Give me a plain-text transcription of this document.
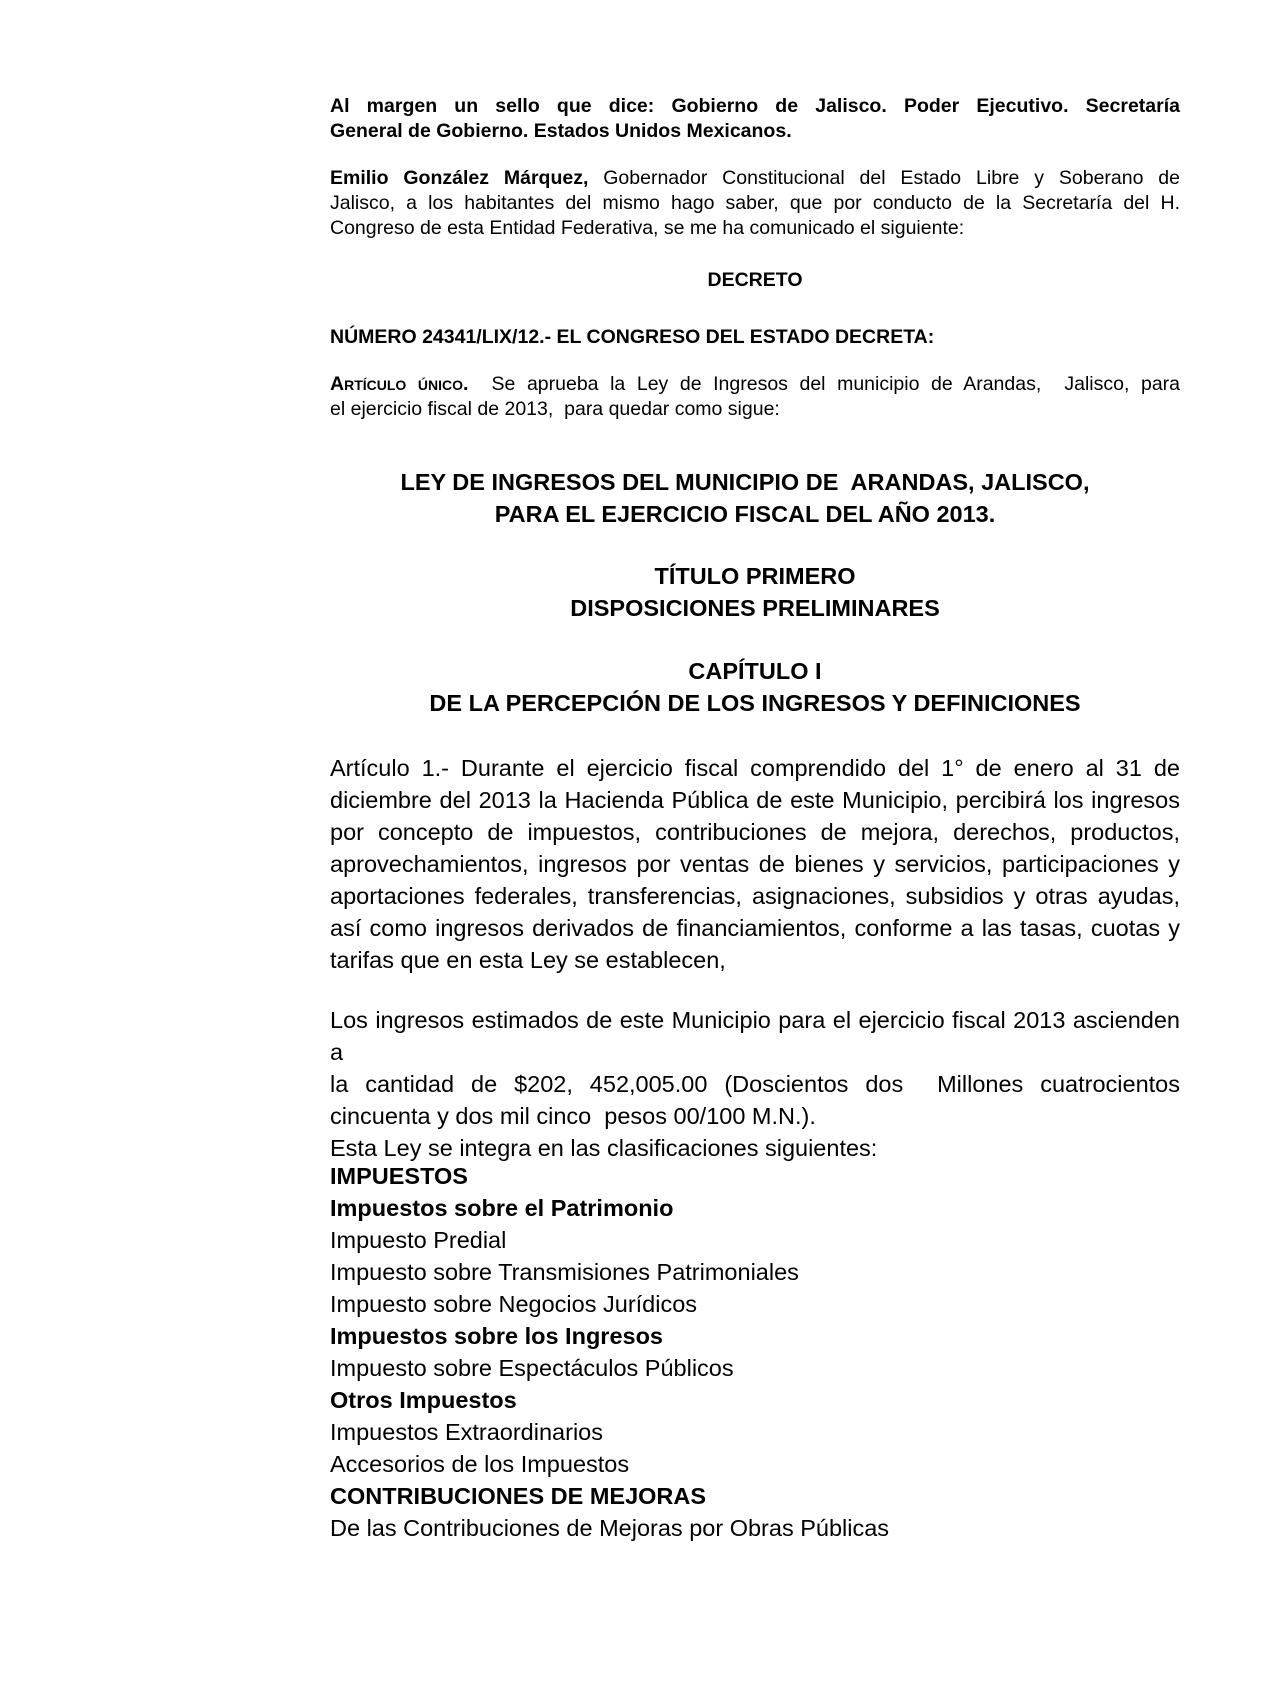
Al margen un sello que dice: Gobierno de Jalisco. Poder Ejecutivo. Secretaría
General de Gobierno. Estados Unidos Mexicanos.
Emilio González Márquez, Gobernador Constitucional del Estado Libre y Soberano de
Jalisco, a los habitantes del mismo hago saber, que por conducto de la Secretaría del H.
Congreso de esta Entidad Federativa, se me ha comunicado el siguiente:
DECRETO
NÚMERO 24341/LIX/12.- EL CONGRESO DEL ESTADO DECRETA:
Artículo único.  Se aprueba la Ley de Ingresos del municipio de Arandas,  Jalisco, para
el ejercicio fiscal de 2013,  para quedar como sigue:
LEY DE INGRESOS DEL MUNICIPIO DE  ARANDAS, JALISCO,
PARA EL EJERCICIO FISCAL DEL AÑO 2013.
TÍTULO PRIMERO
DISPOSICIONES PRELIMINARES
CAPÍTULO I
DE LA PERCEPCIÓN DE LOS INGRESOS Y DEFINICIONES
Artículo 1.- Durante el ejercicio fiscal comprendido del 1° de enero al 31 de
diciembre del 2013 la Hacienda Pública de este Municipio, percibirá los ingresos
por concepto de impuestos, contribuciones de mejora, derechos, productos,
aprovechamientos, ingresos por ventas de bienes y servicios, participaciones y
aportaciones federales, transferencias, asignaciones, subsidios y otras ayudas,
así como ingresos derivados de financiamientos, conforme a las tasas, cuotas y
tarifas que en esta Ley se establecen,
Los ingresos estimados de este Municipio para el ejercicio fiscal 2013 ascienden a
la cantidad de $202, 452,005.00 (Doscientos dos  Millones cuatrocientos
cincuenta y dos mil cinco  pesos 00/100 M.N.).
Esta Ley se integra en las clasificaciones siguientes:
IMPUESTOS
Impuestos sobre el Patrimonio
Impuesto Predial
Impuesto sobre Transmisiones Patrimoniales
Impuesto sobre Negocios Jurídicos
Impuestos sobre los Ingresos
Impuesto sobre Espectáculos Públicos
Otros Impuestos
Impuestos Extraordinarios
Accesorios de los Impuestos
CONTRIBUCIONES DE MEJORAS
De las Contribuciones de Mejoras por Obras Públicas
